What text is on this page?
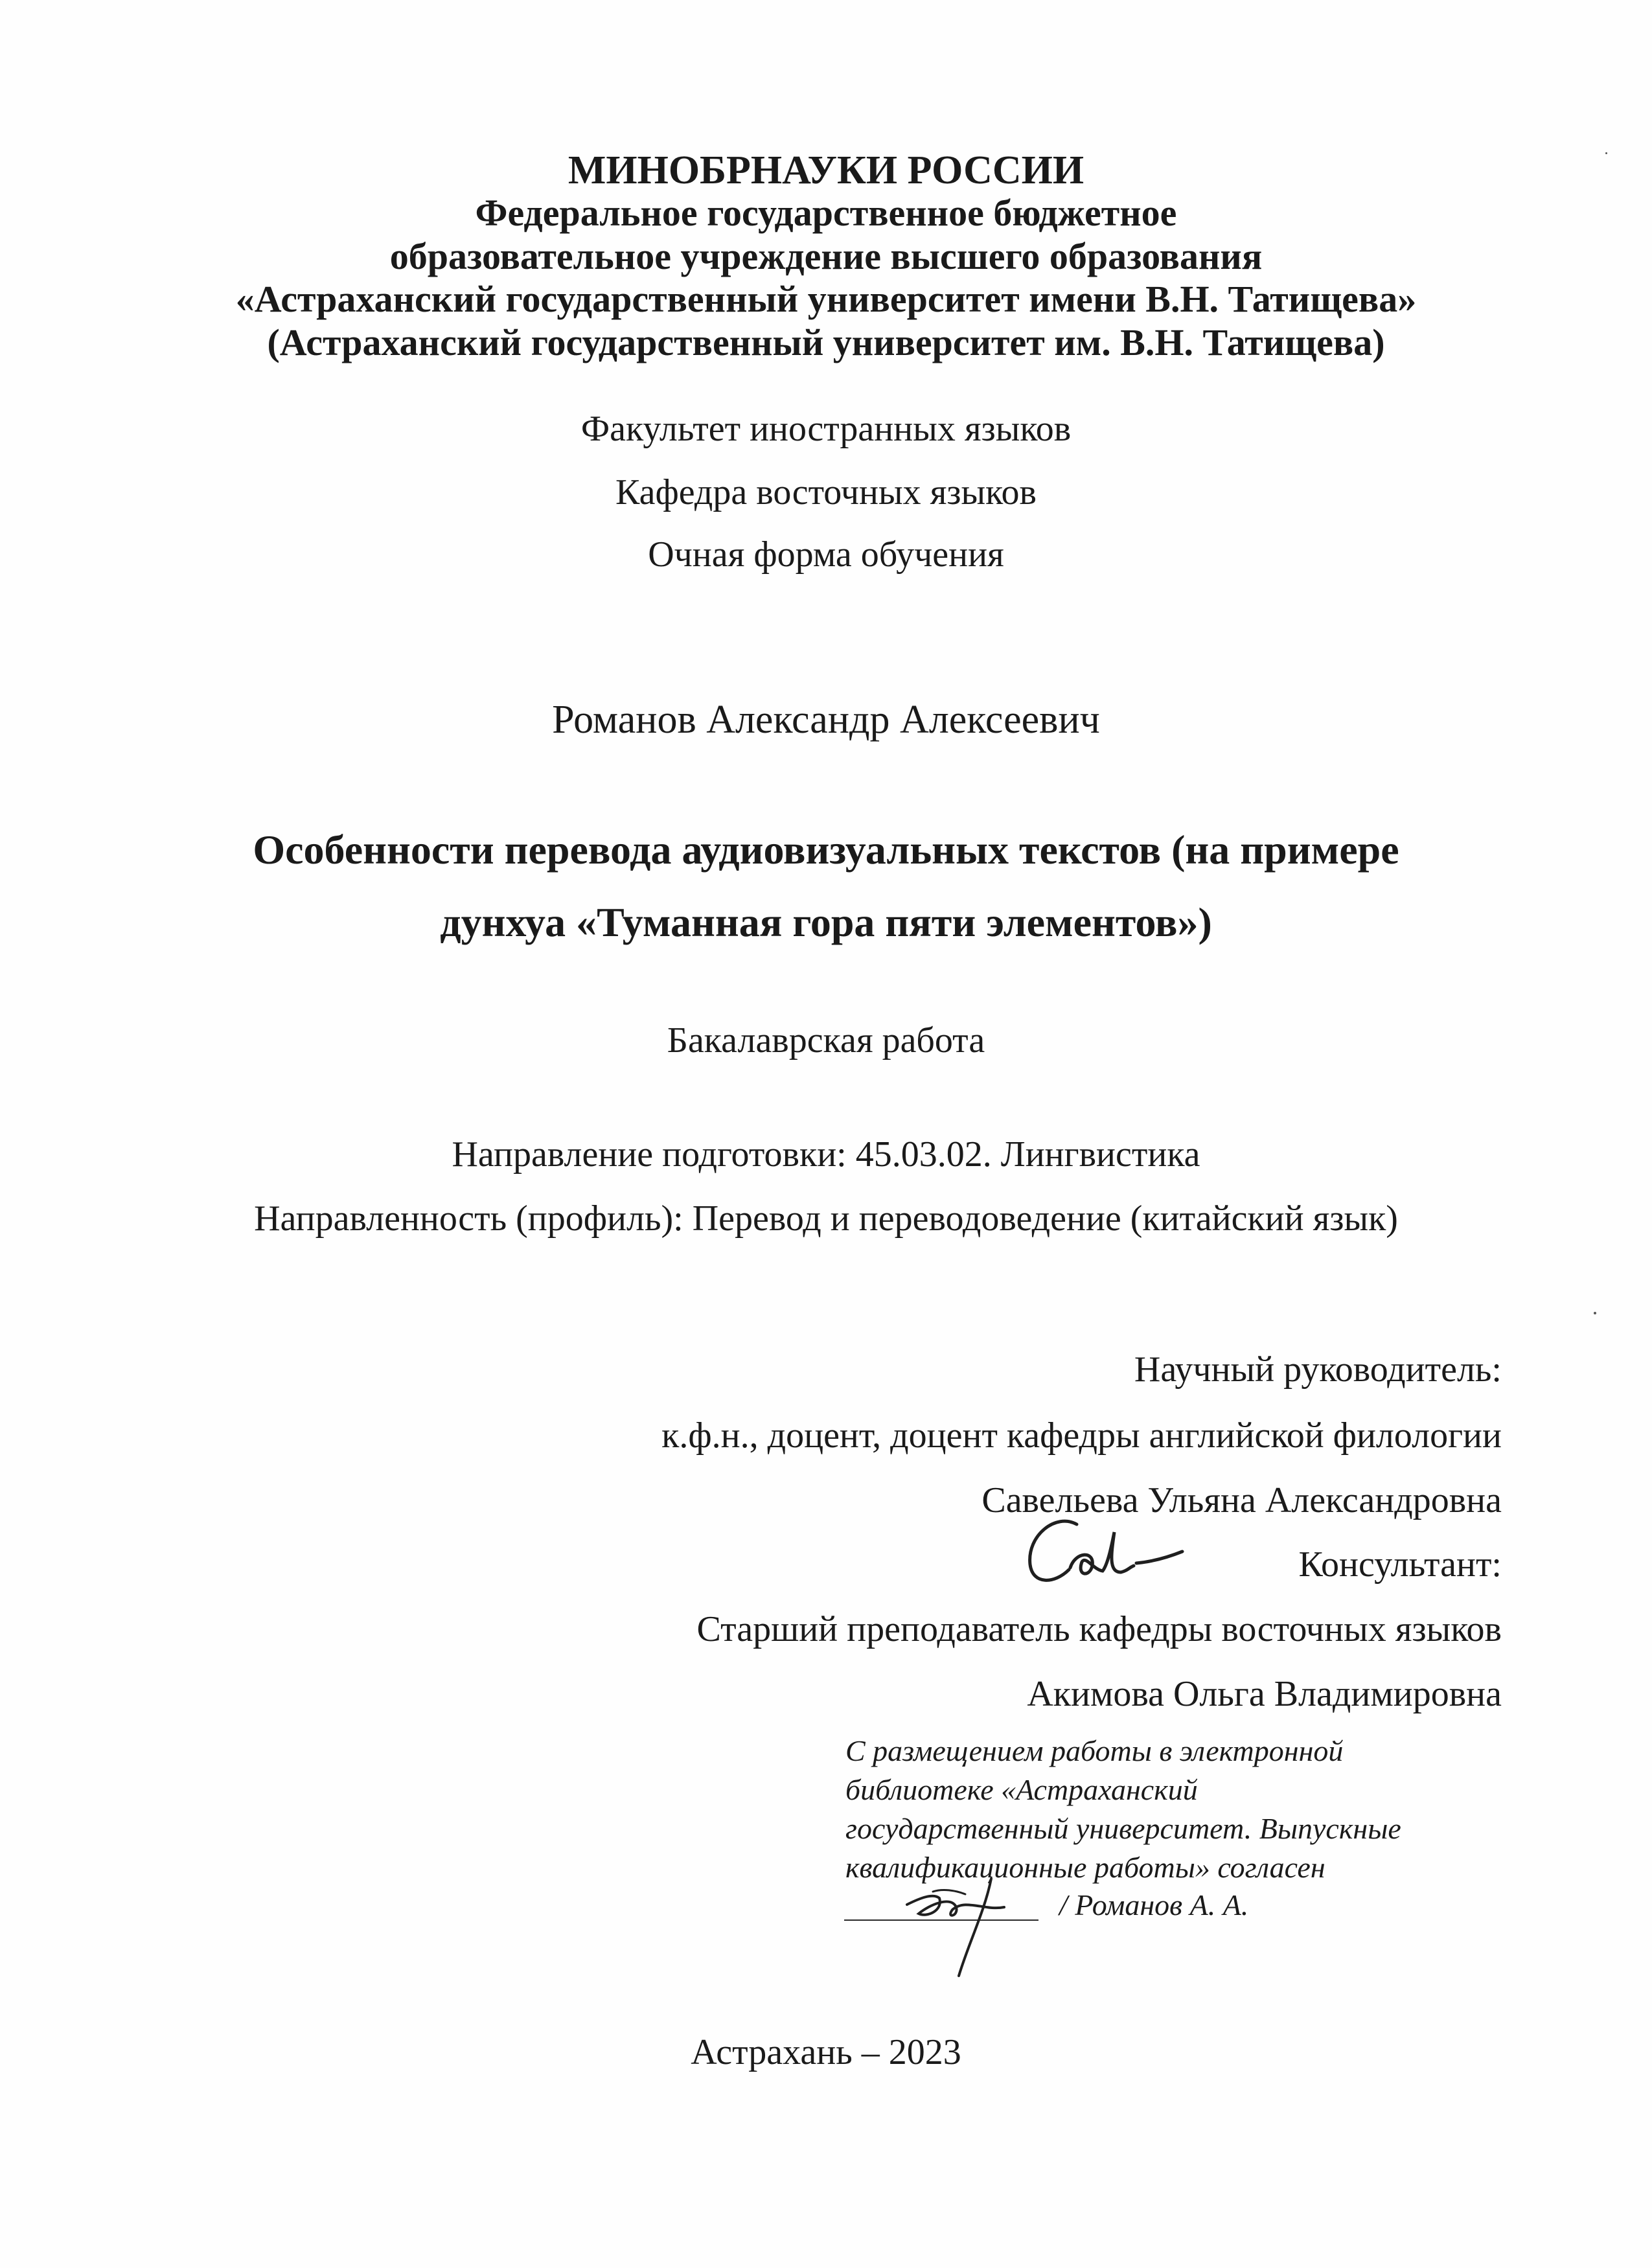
МИНОБРНАУКИ РОССИИ
Федеральное государственное бюджетное
образовательное учреждение высшего образования
«Астраханский государственный университет имени В.Н. Татищева»
(Астраханский государственный университет им. В.Н. Татищева)
Факультет иностранных языков
Кафедра восточных языков
Очная форма обучения
Романов Александр Алексеевич
Особенности перевода аудиовизуальных текстов (на примере
дунхуа «Туманная гора пяти элементов»)
Бакалаврская работа
Направление подготовки: 45.03.02. Лингвистика
Направленность (профиль): Перевод и переводоведение (китайский язык)
Научный руководитель:
к.ф.н., доцент, доцент кафедры английской филологии
Савельева Ульяна Александровна
Консультант:
Старший преподаватель кафедры восточных языков
Акимова Ольга Владимировна
С размещением работы в электронной
библиотеке «Астраханский
государственный университет. Выпускные
квалификационные работы» согласен
/ Романов А. А.
Астрахань – 2023
